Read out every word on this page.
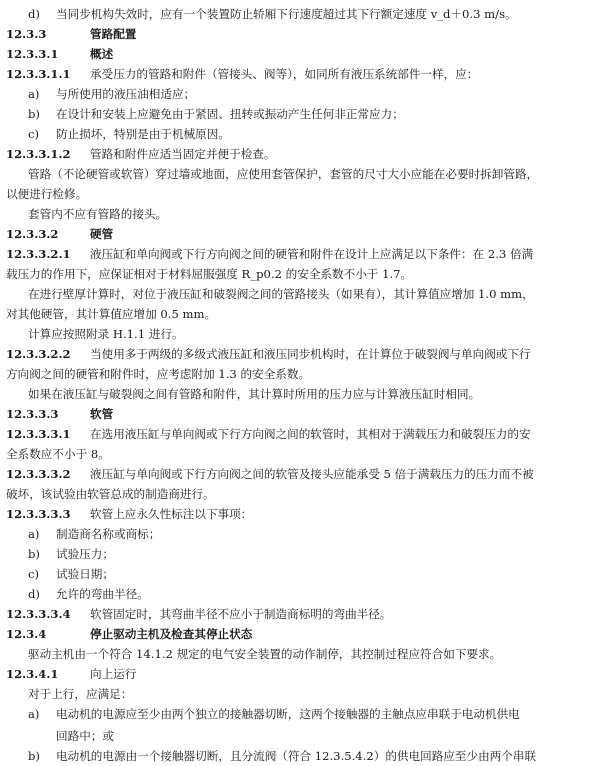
d) 当同步机构失效时，应有一个装置防止轿厢下行速度超过其下行额定速度 v_d＋0.3 m/s。
12.3.3	管路配置
12.3.3.1	概述
12.3.3.1.1 承受压力的管路和附件（管接头、阀等），如同所有液压系统部件一样，应：
a) 与所使用的液压油相适应；
b) 在设计和安装上应避免由于紧固、扭转或振动产生任何非正常应力；
c) 防止损坏，特别是由于机械原因。
12.3.3.1.2 管路和附件应适当固定并便于检查。
管路（不论硬管或软管）穿过墙或地面，应使用套管保护，套管的尺寸大小应能在必要时拆卸管路，
以便进行检修。
套管内不应有管路的接头。
12.3.3.2	硬管
12.3.3.2.1 液压缸和单向阀或下行方向阀之间的硬管和附件在设计上应满足以下条件：在 2.3 倍满
载压力的作用下，应保证相对于材料屈服强度 R_p0.2 的安全系数不小于 1.7。
在进行壁厚计算时，对位于液压缸和破裂阀之间的管路接头（如果有），其计算值应增加 1.0 mm，
对其他硬管，其计算值应增加 0.5 mm。
计算应按照附录 H.1.1 进行。
12.3.3.2.2 当使用多于两级的多级式液压缸和液压同步机构时，在计算位于破裂阀与单向阀或下行
方向阀之间的硬管和附件时，应考虑附加 1.3 的安全系数。
如果在液压缸与破裂阀之间有管路和附件，其计算时所用的压力应与计算液压缸时相同。
12.3.3.3	软管
12.3.3.3.1 在选用液压缸与单向阀或下行方向阀之间的软管时，其相对于满载压力和破裂压力的安
全系数应不小于 8。
12.3.3.3.2 液压缸与单向阀或下行方向阀之间的软管及接头应能承受 5 倍于满载压力的压力而不被
破坏，该试验由软管总成的制造商进行。
12.3.3.3.3 软管上应永久性标注以下事项：
a) 制造商名称或商标；
b) 试验压力；
c) 试验日期；
d) 允许的弯曲半径。
12.3.3.3.4 软管固定时，其弯曲半径不应小于制造商标明的弯曲半径。
12.3.4	停止驱动主机及检查其停止状态
驱动主机由一个符合 14.1.2 规定的电气安全装置的动作制停，其控制过程应符合如下要求。
12.3.4.1	向上运行
对于上行，应满足：
a) 电动机的电源应至少由两个独立的接触器切断，这两个接触器的主触点应串联于电动机供电
回路中；或
b) 电动机的电源由一个接触器切断，且分流阀（符合 12.3.5.4.2）的供电回路应至少由两个串联
